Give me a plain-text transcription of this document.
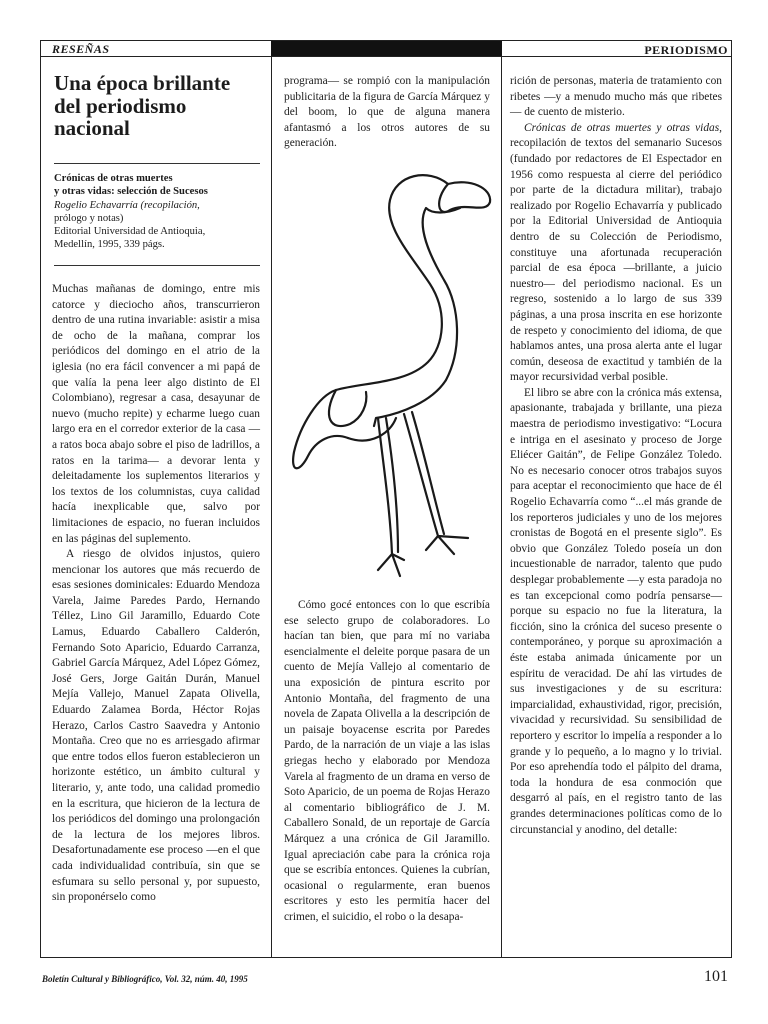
RESEÑAS	PERIODISMO
Una época brillante
del periodismo
nacional
Crónicas de otras muertes
y otras vidas: selección de Sucesos
Rogelio Echavarría (recopilación,
prólogo y notas)
Editorial Universidad de Antioquia,
Medellín, 1995, 339 págs.

Muchas mañanas de domingo, entre mis catorce y dieciocho años, transcurrieron dentro de una rutina invariable: asistir a misa de ocho de la mañana, comprar los periódicos del domingo en el atrio de la iglesia (no era fácil convencer a mi papá de que valía la pena leer algo distinto de El Colombiano), regresar a casa, desayunar de nuevo (mucho repite) y echarme luego cuan largo era en el corredor exterior de la casa —a ratos boca abajo sobre el piso de ladrillos, a ratos en la tarima— a devorar lenta y deleitadamente los suplementos literarios y los textos de los columnistas, cuya calidad hacía inexplicable que, salvo por limitaciones de espacio, no fueran incluidos en las páginas del suplemento.

A riesgo de olvidos injustos, quiero mencionar los autores que más recuerdo de esas sesiones dominicales: Eduardo Mendoza Varela, Jaime Paredes Pardo, Hernando Téllez, Lino Gil Jaramillo, Eduardo Cote Lamus, Eduardo Caballero Calderón, Fernando Soto Aparicio, Eduardo Carranza, Gabriel García Márquez, Adel López Gómez, José Gers, Jorge Gaitán Durán, Manuel Mejía Vallejo, Manuel Zapata Olivella, Eduardo Zalamea Borda, Héctor Rojas Herazo, Carlos Castro Saavedra y Antonio Montaña. Creo que no es arriesgado afirmar que entre todos ellos fueron establecieron un horizonte estético, un ámbito cultural y literario, y, ante todo, una calidad promedio en la escritura, que hicieron de la lectura de los periódicos del domingo una prolongación de la lectura de los mejores libros. Desafortunadamente ese proceso —en el que cada individualidad contribuía, sin que se esfumara su sello personal y, por supuesto, sin proponérselo como

programa— se rompió con la manipulación publicitaria de la figura de García Márquez y del boom, lo que de alguna manera afantasmó a los otros autores de su generación.

Cómo gocé entonces con lo que escribía ese selecto grupo de colaboradores. Lo hacían tan bien, que para mí no variaba esencialmente el deleite porque pasara de un cuento de Mejía Vallejo al comentario de una exposición de pintura escrito por Antonio Montaña, del fragmento de una novela de Zapata Olivella a la descripción de un paisaje boyacense escrita por Paredes Pardo, de la narración de un viaje a las islas griegas hecho y elaborado por Mendoza Varela al fragmento de un drama en verso de Soto Aparicio, de un poema de Rojas Herazo al comentario bibliográfico de J. M. Caballero Sonald, de un reportaje de García Márquez a una crónica de Gil Jaramillo. Igual apreciación cabe para la crónica roja que se escribía entonces. Quienes la cubrían, ocasional o regularmente, eran buenos escritores y esto les permitía hacer del crimen, el suicidio, el robo o la desapa-

rición de personas, materia de tratamiento con ribetes —y a menudo mucho más que ribetes— de cuento de misterio.

Crónicas de otras muertes y otras vidas, recopilación de textos del semanario Sucesos (fundado por redactores de El Espectador en 1956 como respuesta al cierre del periódico por parte de la dictadura militar), trabajo realizado por Rogelio Echavarría y publicado por la Editorial Universidad de Antioquia dentro de su Colección de Periodismo, constituye una afortunada recuperación parcial de esa época —brillante, a juicio nuestro— del periodismo nacional. Es un regreso, sostenido a lo largo de sus 339 páginas, a una prosa inscrita en ese horizonte de respeto y conocimiento del idioma, de que hablamos antes, una prosa alerta ante el lugar común, deseosa de exactitud y también de la mayor recursividad verbal posible.

El libro se abre con la crónica más extensa, apasionante, trabajada y brillante, una pieza maestra de periodismo investigativo: “Locura e intriga en el asesinato y proceso de Jorge Eliécer Gaitán”, de Felipe González Toledo. No es necesario conocer otros trabajos suyos para aceptar el reconocimiento que hace de él Rogelio Echavarría como “...el más grande de los reporteros judiciales y uno de los mejores cronistas de Bogotá en el presente siglo”. Es obvio que González Toledo poseía un don incuestionable de narrador, talento que pudo desplegar probablemente —y esta paradoja no es tan excepcional como podría pensarse— porque su espacio no fue la literatura, la ficción, sino la crónica del suceso presente o contemporáneo, y porque su aproximación a éste estaba animada únicamente por un espíritu de veracidad. De ahí las virtudes de sus investigaciones y de su escritura: imparcialidad, exhaustividad, rigor, precisión, vivacidad y recursividad. Su sensibilidad de reportero y escritor lo impelía a responder a lo grande y lo pequeño, a lo magno y lo trivial. Por eso aprehendía todo el pálpito del drama, toda la hondura de esa conmoción que desgarró al país, en el registro tanto de las grandes determinaciones políticas como de lo circunstancial y anodino, del detalle:

Boletín Cultural y Bibliográfico, Vol. 32, núm. 40, 1995	101
